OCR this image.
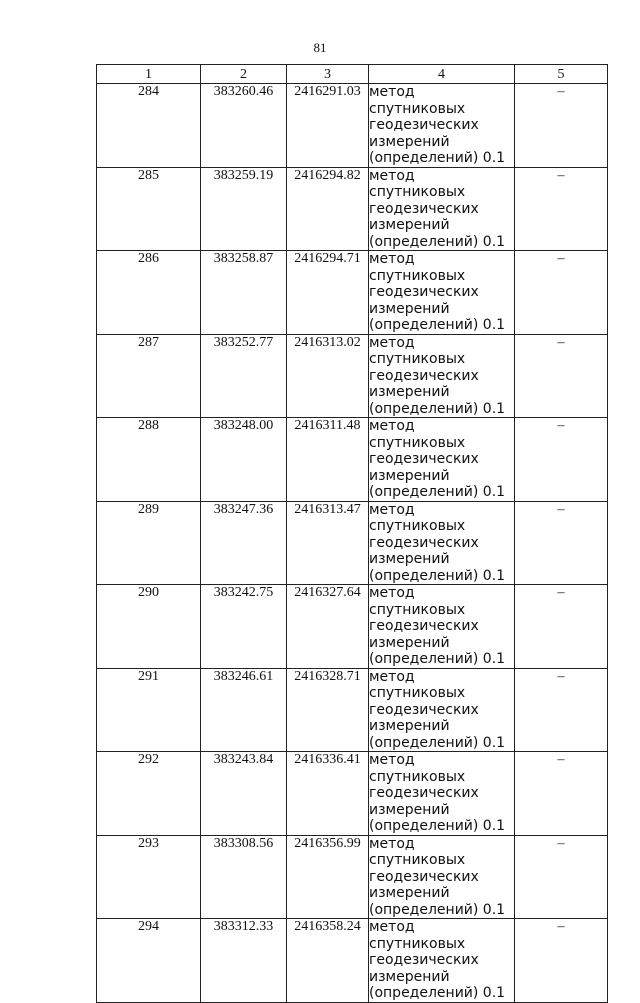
81
1	2	3	4	5
284	383260.46	2416291.03	метод спутниковых геодезических измерений (определений) 0.1	–
285	383259.19	2416294.82	метод спутниковых геодезических измерений (определений) 0.1	–
286	383258.87	2416294.71	метод спутниковых геодезических измерений (определений) 0.1	–
287	383252.77	2416313.02	метод спутниковых геодезических измерений (определений) 0.1	–
288	383248.00	2416311.48	метод спутниковых геодезических измерений (определений) 0.1	–
289	383247.36	2416313.47	метод спутниковых геодезических измерений (определений) 0.1	–
290	383242.75	2416327.64	метод спутниковых геодезических измерений (определений) 0.1	–
291	383246.61	2416328.71	метод спутниковых геодезических измерений (определений) 0.1	–
292	383243.84	2416336.41	метод спутниковых геодезических измерений (определений) 0.1	–
293	383308.56	2416356.99	метод спутниковых геодезических измерений (определений) 0.1	–
294	383312.33	2416358.24	метод спутниковых геодезических измерений (определений) 0.1	–
